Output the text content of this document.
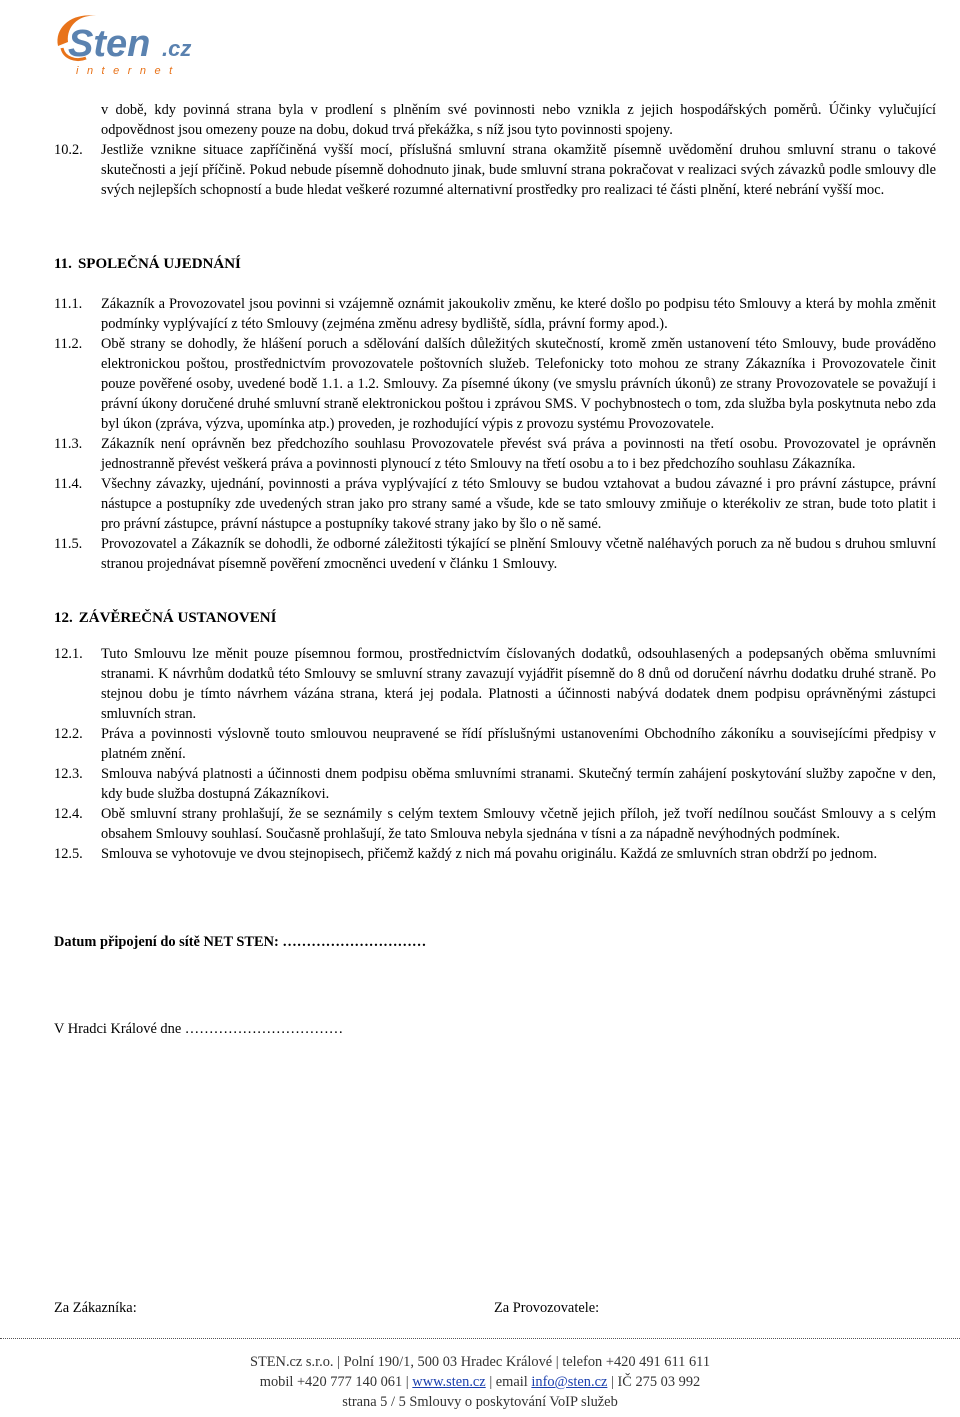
Sten .cz
internet
v době, kdy povinná strana byla v prodlení s plněním své povinnosti nebo vznikla z jejich hospodářských poměrů. Účinky vylučující odpovědnost jsou omezeny pouze na dobu, dokud trvá překážka, s níž jsou tyto povinnosti spojeny.
10.2.	Jestliže vznikne situace zapříčiněná vyšší mocí, příslušná smluvní strana okamžitě písemně uvědomění druhou smluvní stranu o takové skutečnosti a její příčině. Pokud nebude písemně dohodnuto jinak, bude smluvní strana pokračovat v realizaci svých závazků podle smlouvy dle svých nejlepších schopností a bude hledat veškeré rozumné alternativní prostředky pro realizaci té části plnění, které nebrání vyšší moc.
11. SPOLEČNÁ UJEDNÁNÍ
11.1.	Zákazník a Provozovatel jsou povinni si vzájemně oznámit jakoukoliv změnu, ke které došlo po podpisu této Smlouvy a která by mohla změnit podmínky vyplývající z této Smlouvy (zejména změnu adresy bydliště, sídla, právní formy apod.).
11.2.	Obě strany se dohodly, že hlášení poruch a sdělování dalších důležitých skutečností, kromě změn ustanovení této Smlouvy, bude prováděno elektronickou poštou, prostřednictvím provozovatele poštovních služeb. Telefonicky toto mohou ze strany Zákazníka i Provozovatele činit pouze pověřené osoby, uvedené bodě 1.1. a 1.2. Smlouvy. Za písemné úkony (ve smyslu právních úkonů) ze strany Provozovatele se považují i právní úkony doručené druhé smluvní straně elektronickou poštou i zprávou SMS. V pochybnostech o tom, zda služba byla poskytnuta nebo zda byl úkon (zpráva, výzva, upomínka atp.) proveden, je rozhodující výpis z provozu systému Provozovatele.
11.3.	Zákazník není oprávněn bez předchozího souhlasu Provozovatele převést svá práva a povinnosti na třetí osobu. Provozovatel je oprávněn jednostranně převést veškerá práva a povinnosti plynoucí z této Smlouvy na třetí osobu a to i bez předchozího souhlasu Zákazníka.
11.4.	Všechny závazky, ujednání, povinnosti a práva vyplývající z této Smlouvy se budou vztahovat a budou závazné i pro právní zástupce, právní nástupce a postupníky zde uvedených stran jako pro strany samé a všude, kde se tato smlouvy zmiňuje o kterékoliv ze stran, bude toto platit i pro právní zástupce, právní nástupce a postupníky takové strany jako by šlo o ně samé.
11.5.	Provozovatel a Zákazník se dohodli, že odborné záležitosti týkající se plnění Smlouvy včetně naléhavých poruch za ně budou s druhou smluvní stranou projednávat písemně pověření zmocněnci uvedení v článku 1 Smlouvy.
12. ZÁVĚREČNÁ USTANOVENÍ
12.1.	Tuto Smlouvu lze měnit pouze písemnou formou, prostřednictvím číslovaných dodatků, odsouhlasených a podepsaných oběma smluvními stranami. K návrhům dodatků této Smlouvy se smluvní strany zavazují vyjádřit písemně do 8 dnů od doručení návrhu dodatku druhé straně. Po stejnou dobu je tímto návrhem vázána strana, která jej podala. Platnosti a účinnosti nabývá dodatek dnem podpisu oprávněnými zástupci smluvních stran.
12.2.	Práva a povinnosti výslovně touto smlouvou neupravené se řídí příslušnými ustanoveními Obchodního zákoníku a souvisejícími předpisy v platném znění.
12.3.	Smlouva nabývá platnosti a účinnosti dnem podpisu oběma smluvními stranami. Skutečný termín zahájení poskytování služby započne v den, kdy bude služba dostupná Zákazníkovi.
12.4.	Obě smluvní strany prohlašují, že se seznámily s celým textem Smlouvy včetně jejich příloh, jež tvoří nedílnou součást Smlouvy a s celým obsahem Smlouvy souhlasí. Současně prohlašují, že tato Smlouva nebyla sjednána v tísni a za nápadně nevýhodných podmínek.
12.5.	Smlouva se vyhotovuje ve dvou stejnopisech, přičemž každý z nich má povahu originálu. Každá ze smluvních stran obdrží po jednom.
Datum připojení do sítě NET STEN: …………………………
V Hradci Králové dne ……………………………
Za Zákazníka:	Za Provozovatele:
STEN.cz s.r.o. | Polní 190/1, 500 03 Hradec Králové | telefon +420 491 611 611
mobil +420 777 140 061 | www.sten.cz | email info@sten.cz | IČ 275 03 992
strana 5 / 5 Smlouvy o poskytování VoIP služeb
